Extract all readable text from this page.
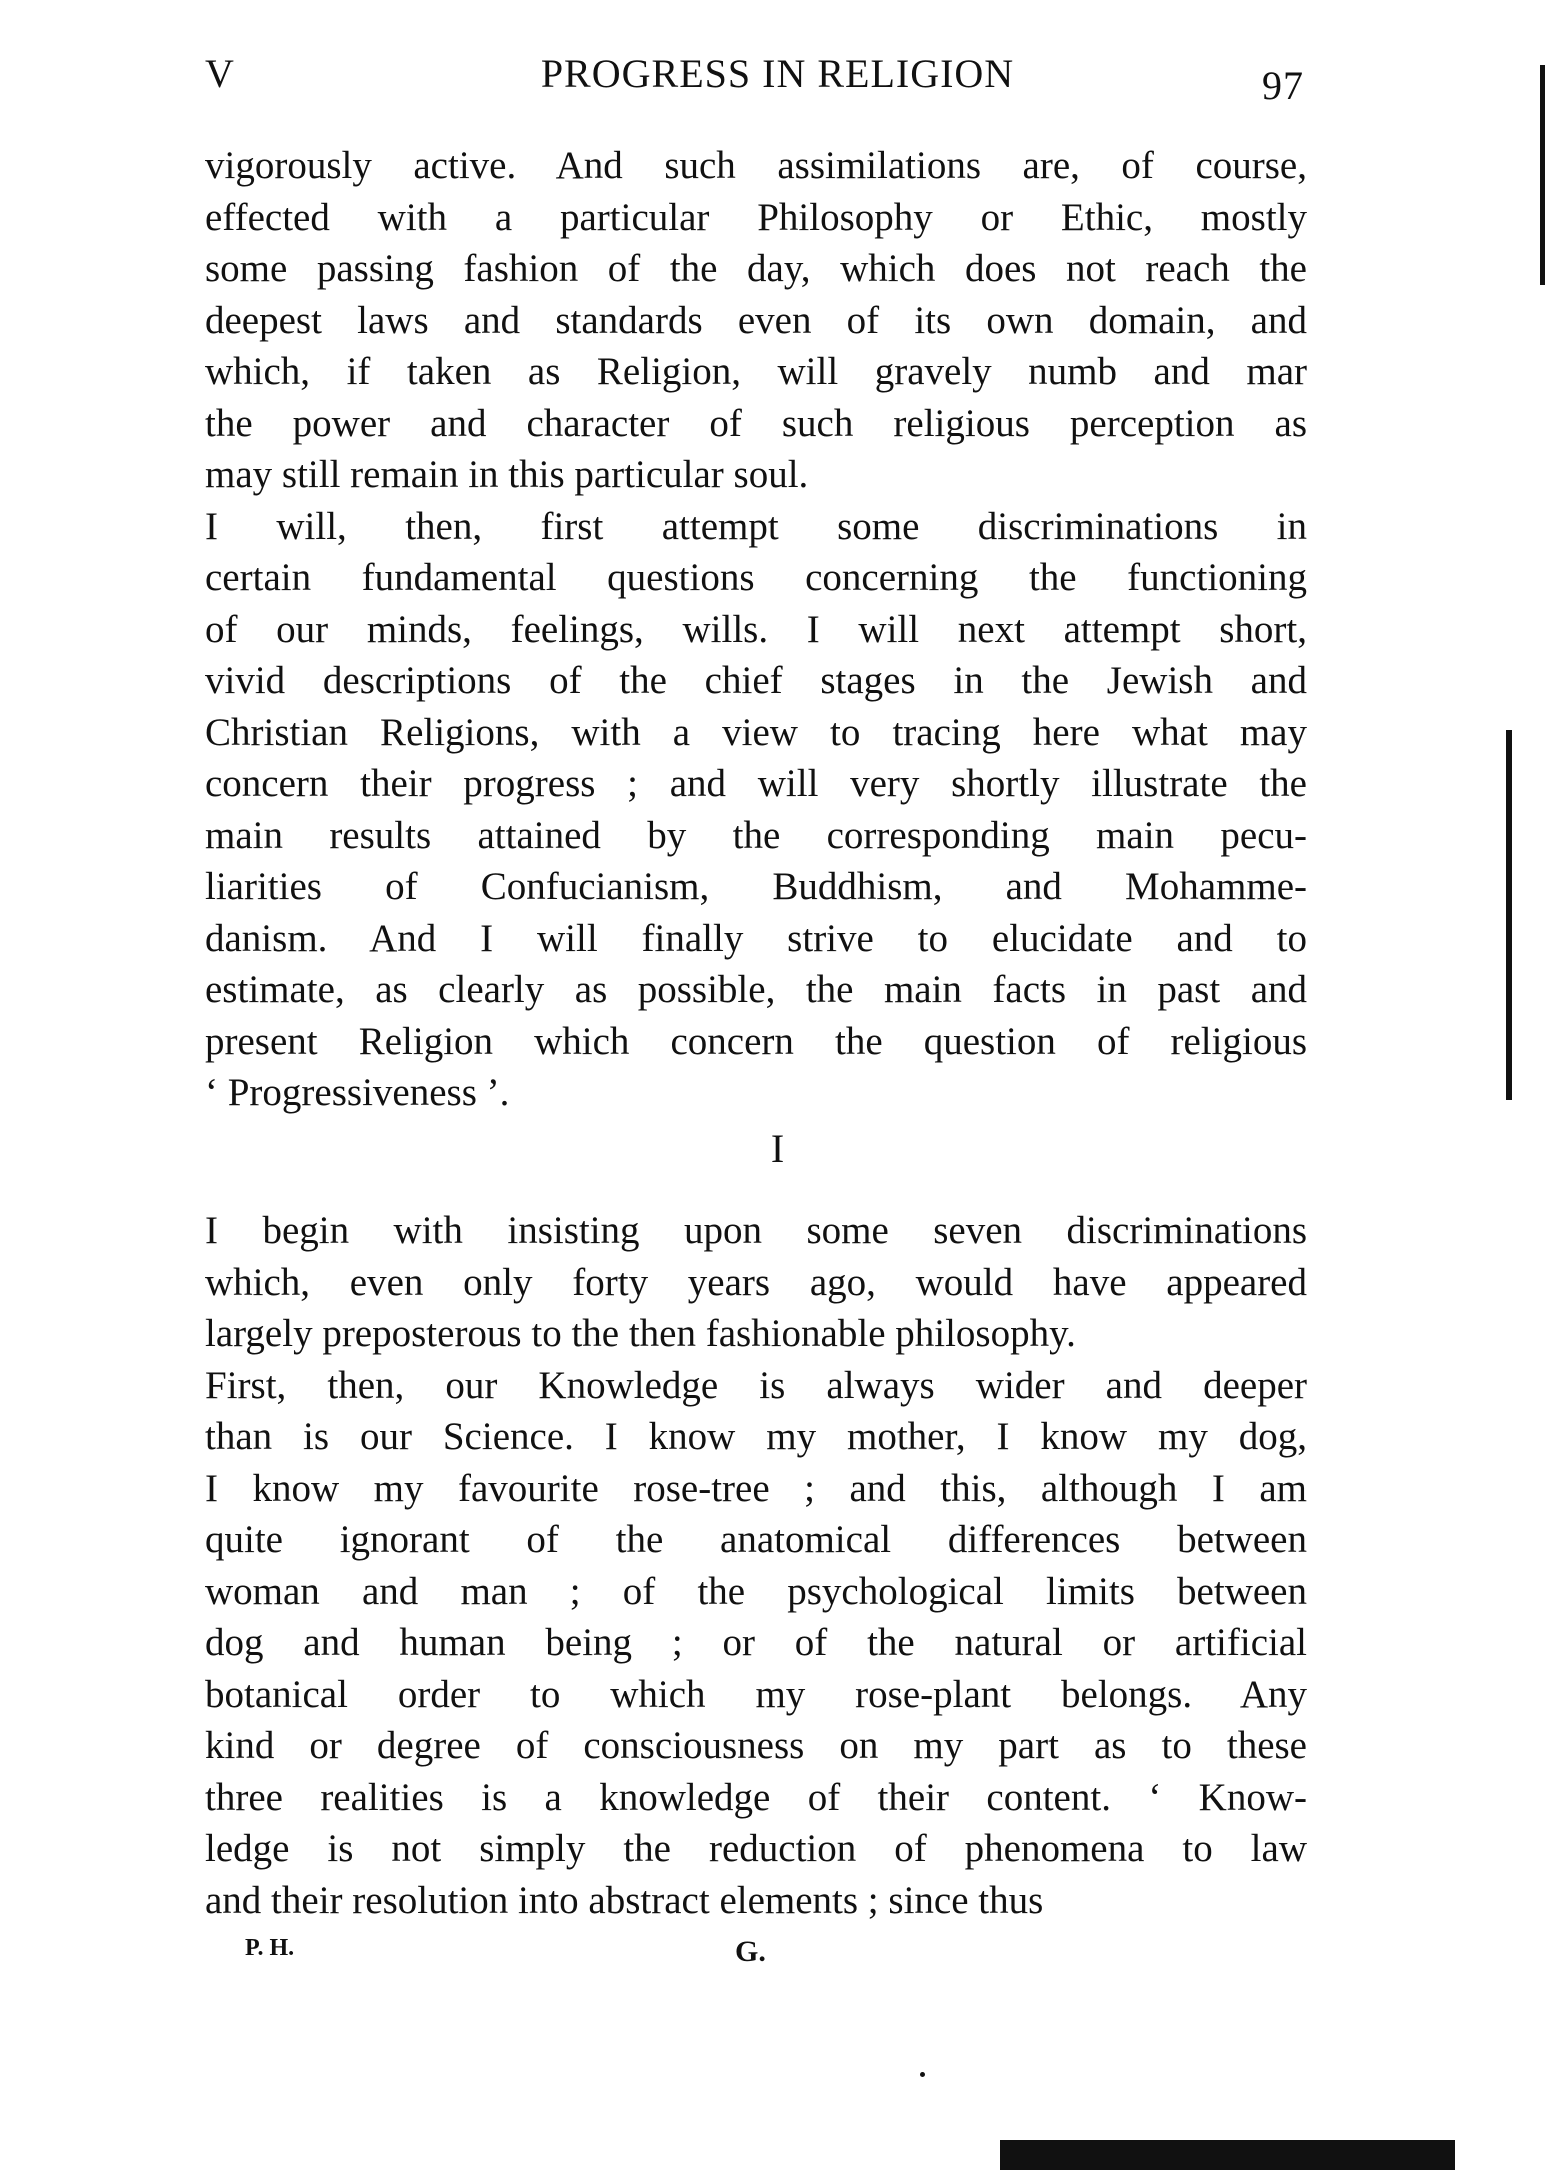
V	PROGRESS IN RELIGION	97
vigorously active. And such assimilations are, of course,
effected with a particular Philosophy or Ethic, mostly
some passing fashion of the day, which does not reach the
deepest laws and standards even of its own domain, and
which, if taken as Religion, will gravely numb and mar
the power and character of such religious perception as
may still remain in this particular soul.
I will, then, first attempt some discriminations in
certain fundamental questions concerning the functioning
of our minds, feelings, wills. I will next attempt short,
vivid descriptions of the chief stages in the Jewish and
Christian Religions, with a view to tracing here what may
concern their progress ; and will very shortly illustrate the
main results attained by the corresponding main pecu-
liarities of Confucianism, Buddhism, and Mohamme-
danism. And I will finally strive to elucidate and to
estimate, as clearly as possible, the main facts in past and
present Religion which concern the question of religious
‘ Progressiveness ’.
I
I begin with insisting upon some seven discriminations
which, even only forty years ago, would have appeared
largely preposterous to the then fashionable philosophy.
First, then, our Knowledge is always wider and deeper
than is our Science. I know my mother, I know my dog,
I know my favourite rose-tree ; and this, although I am
quite ignorant of the anatomical differences between
woman and man ; of the psychological limits between
dog and human being ; or of the natural or artificial
botanical order to which my rose-plant belongs. Any
kind or degree of consciousness on my part as to these
three realities is a knowledge of their content. ‘ Know-
ledge is not simply the reduction of phenomena to law
and their resolution into abstract elements ; since thus
P. H.	G.
